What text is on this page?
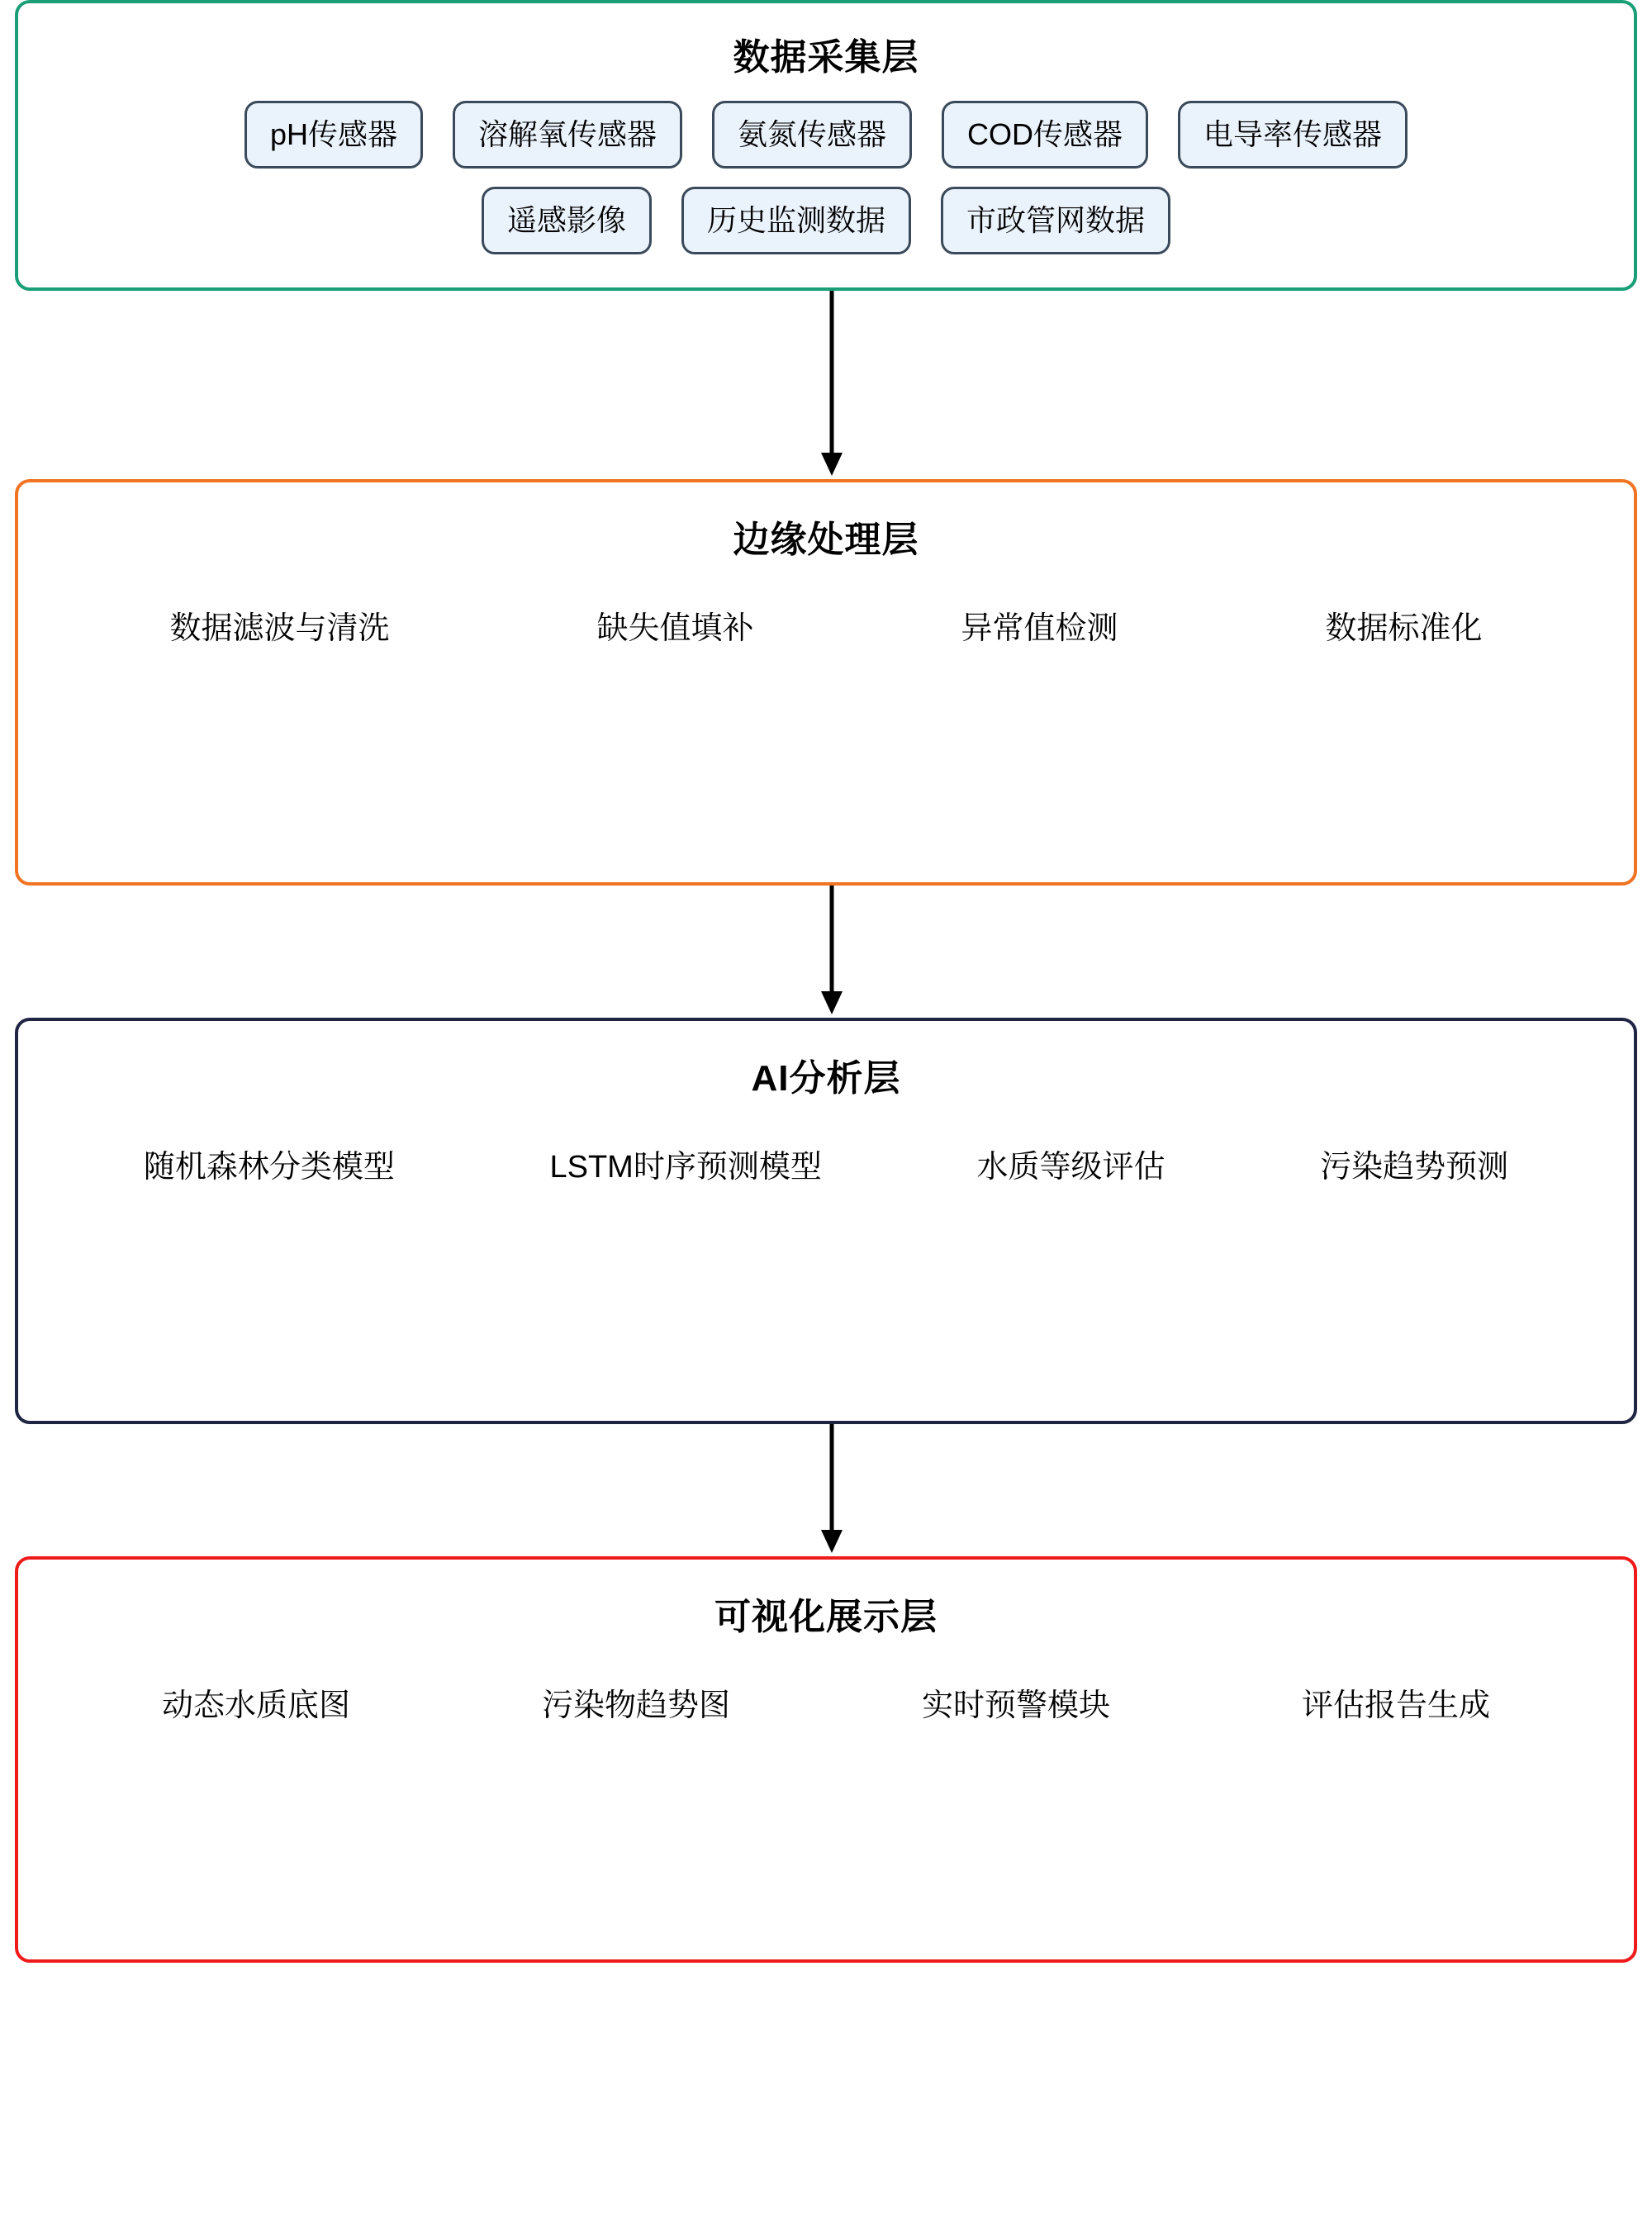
数据采集层
pH传感器	溶解氧传感器	氨氮传感器	COD传感器	电导率传感器
遥感影像	历史监测数据	市政管网数据
边缘处理层
数据滤波与清洗	缺失值填补	异常值检测	数据标准化
AI分析层
随机森林分类模型	LSTM时序预测模型	水质等级评估	污染趋势预测
可视化展示层
动态水质底图	污染物趋势图	实时预警模块	评估报告生成
